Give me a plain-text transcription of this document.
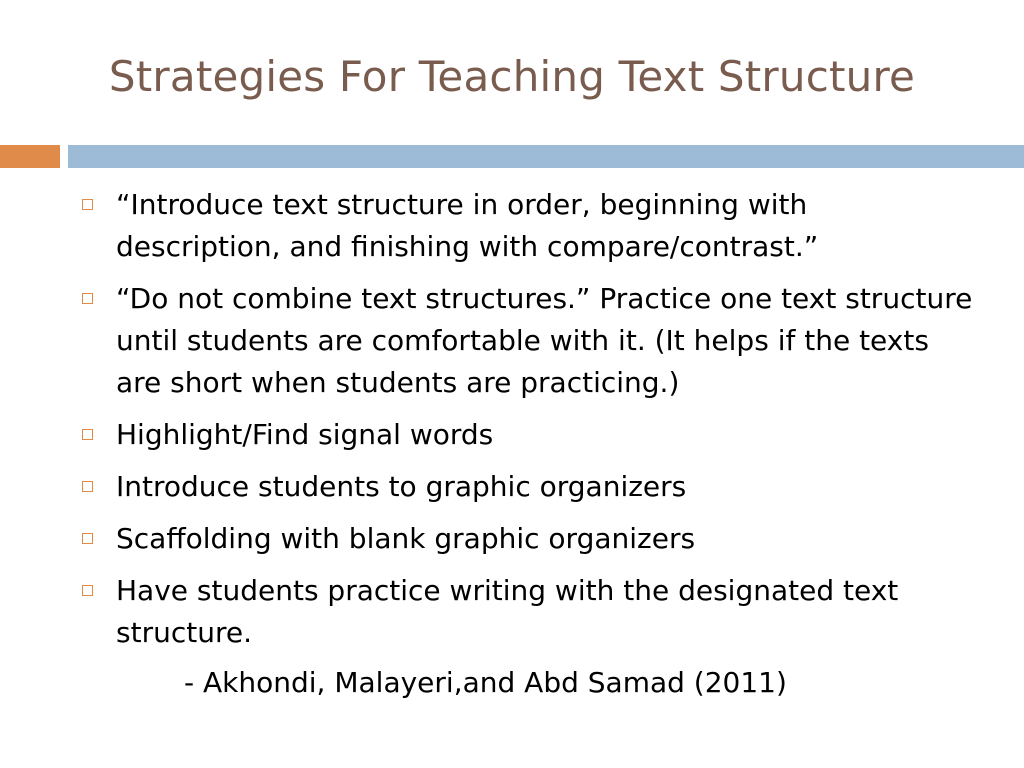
Strategies For Teaching Text Structure
“Introduce text structure in order, beginning with description, and finishing with compare/contrast.”
“Do not combine text structures.” Practice one text structure until students are comfortable with it. (It helps if the texts are short when students are practicing.)
Highlight/Find signal words
Introduce students to graphic organizers
Scaffolding with blank graphic organizers
Have students practice writing with the designated text structure.
- Akhondi, Malayeri,and Abd Samad (2011)
